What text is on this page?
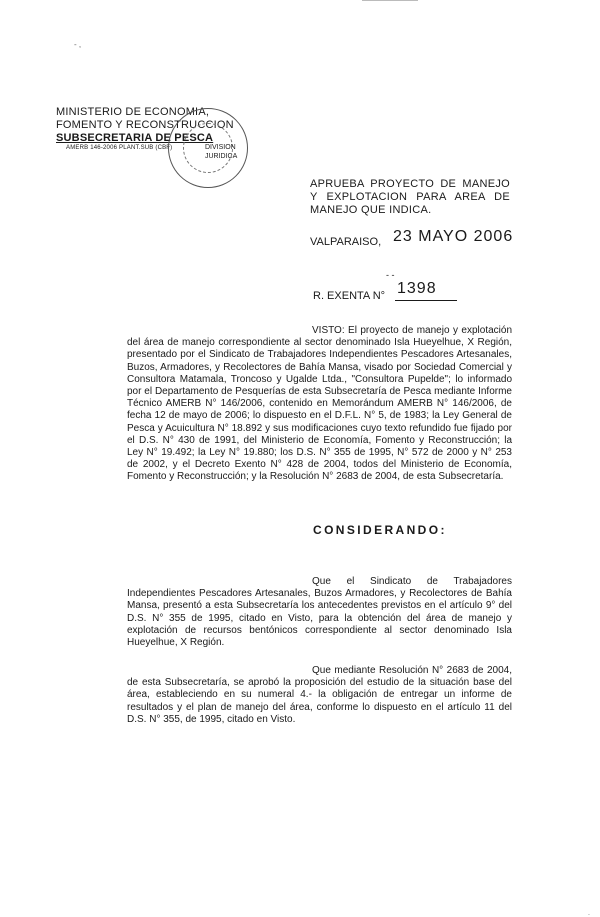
- ,
MINISTERIO DE ECONOMIA,
FOMENTO Y RECONSTRUCCION
SUBSECRETARIA DE PESCA
AMERB 146-2006 PLANT.SUB (CBF)	DIVISION
JURIDICA
APRUEBA PROYECTO DE MANEJO Y EXPLOTACION PARA AREA DE MANEJO QUE INDICA.
VALPARAISO, 23 MAYO 2006
- -
R. EXENTA N° 1398
VISTO: El proyecto de manejo y explotación del área de manejo correspondiente al sector denominado Isla Hueyelhue, X Región, presentado por el Sindicato de Trabajadores Independientes Pescadores Artesanales, Buzos, Armadores, y Recolectores de Bahía Mansa, visado por Sociedad Comercial y Consultora Matamala, Troncoso y Ugalde Ltda., "Consultora Pupelde"; lo informado por el Departamento de Pesquerías de esta Subsecretaría de Pesca mediante Informe Técnico AMERB N° 146/2006, contenido en Memorándum AMERB N° 146/2006, de fecha 12 de mayo de 2006; lo dispuesto en el D.F.L. N° 5, de 1983; la Ley General de Pesca y Acuicultura N° 18.892 y sus modificaciones cuyo texto refundido fue fijado por el D.S. N° 430 de 1991, del Ministerio de Economía, Fomento y Reconstrucción; la Ley N° 19.492; la Ley N° 19.880; los D.S. N° 355 de 1995, N° 572 de 2000 y N° 253 de 2002, y el Decreto Exento N° 428 de 2004, todos del Ministerio de Economía, Fomento y Reconstrucción; y la Resolución N° 2683 de 2004, de esta Subsecretaría.
CONSIDERANDO:
Que el Sindicato de Trabajadores Independientes Pescadores Artesanales, Buzos Armadores, y Recolectores de Bahía Mansa, presentó a esta Subsecretaría los antecedentes previstos en el artículo 9° del D.S. N° 355 de 1995, citado en Visto, para la obtención del área de manejo y explotación de recursos bentónicos correspondiente al sector denominado Isla Hueyelhue, X Región.
Que mediante Resolución N° 2683 de 2004, de esta Subsecretaría, se aprobó la proposición del estudio de la situación base del área, estableciendo en su numeral 4.- la obligación de entregar un informe de resultados y el plan de manejo del área, conforme lo dispuesto en el artículo 11 del D.S. N° 355, de 1995, citado en Visto.
.
